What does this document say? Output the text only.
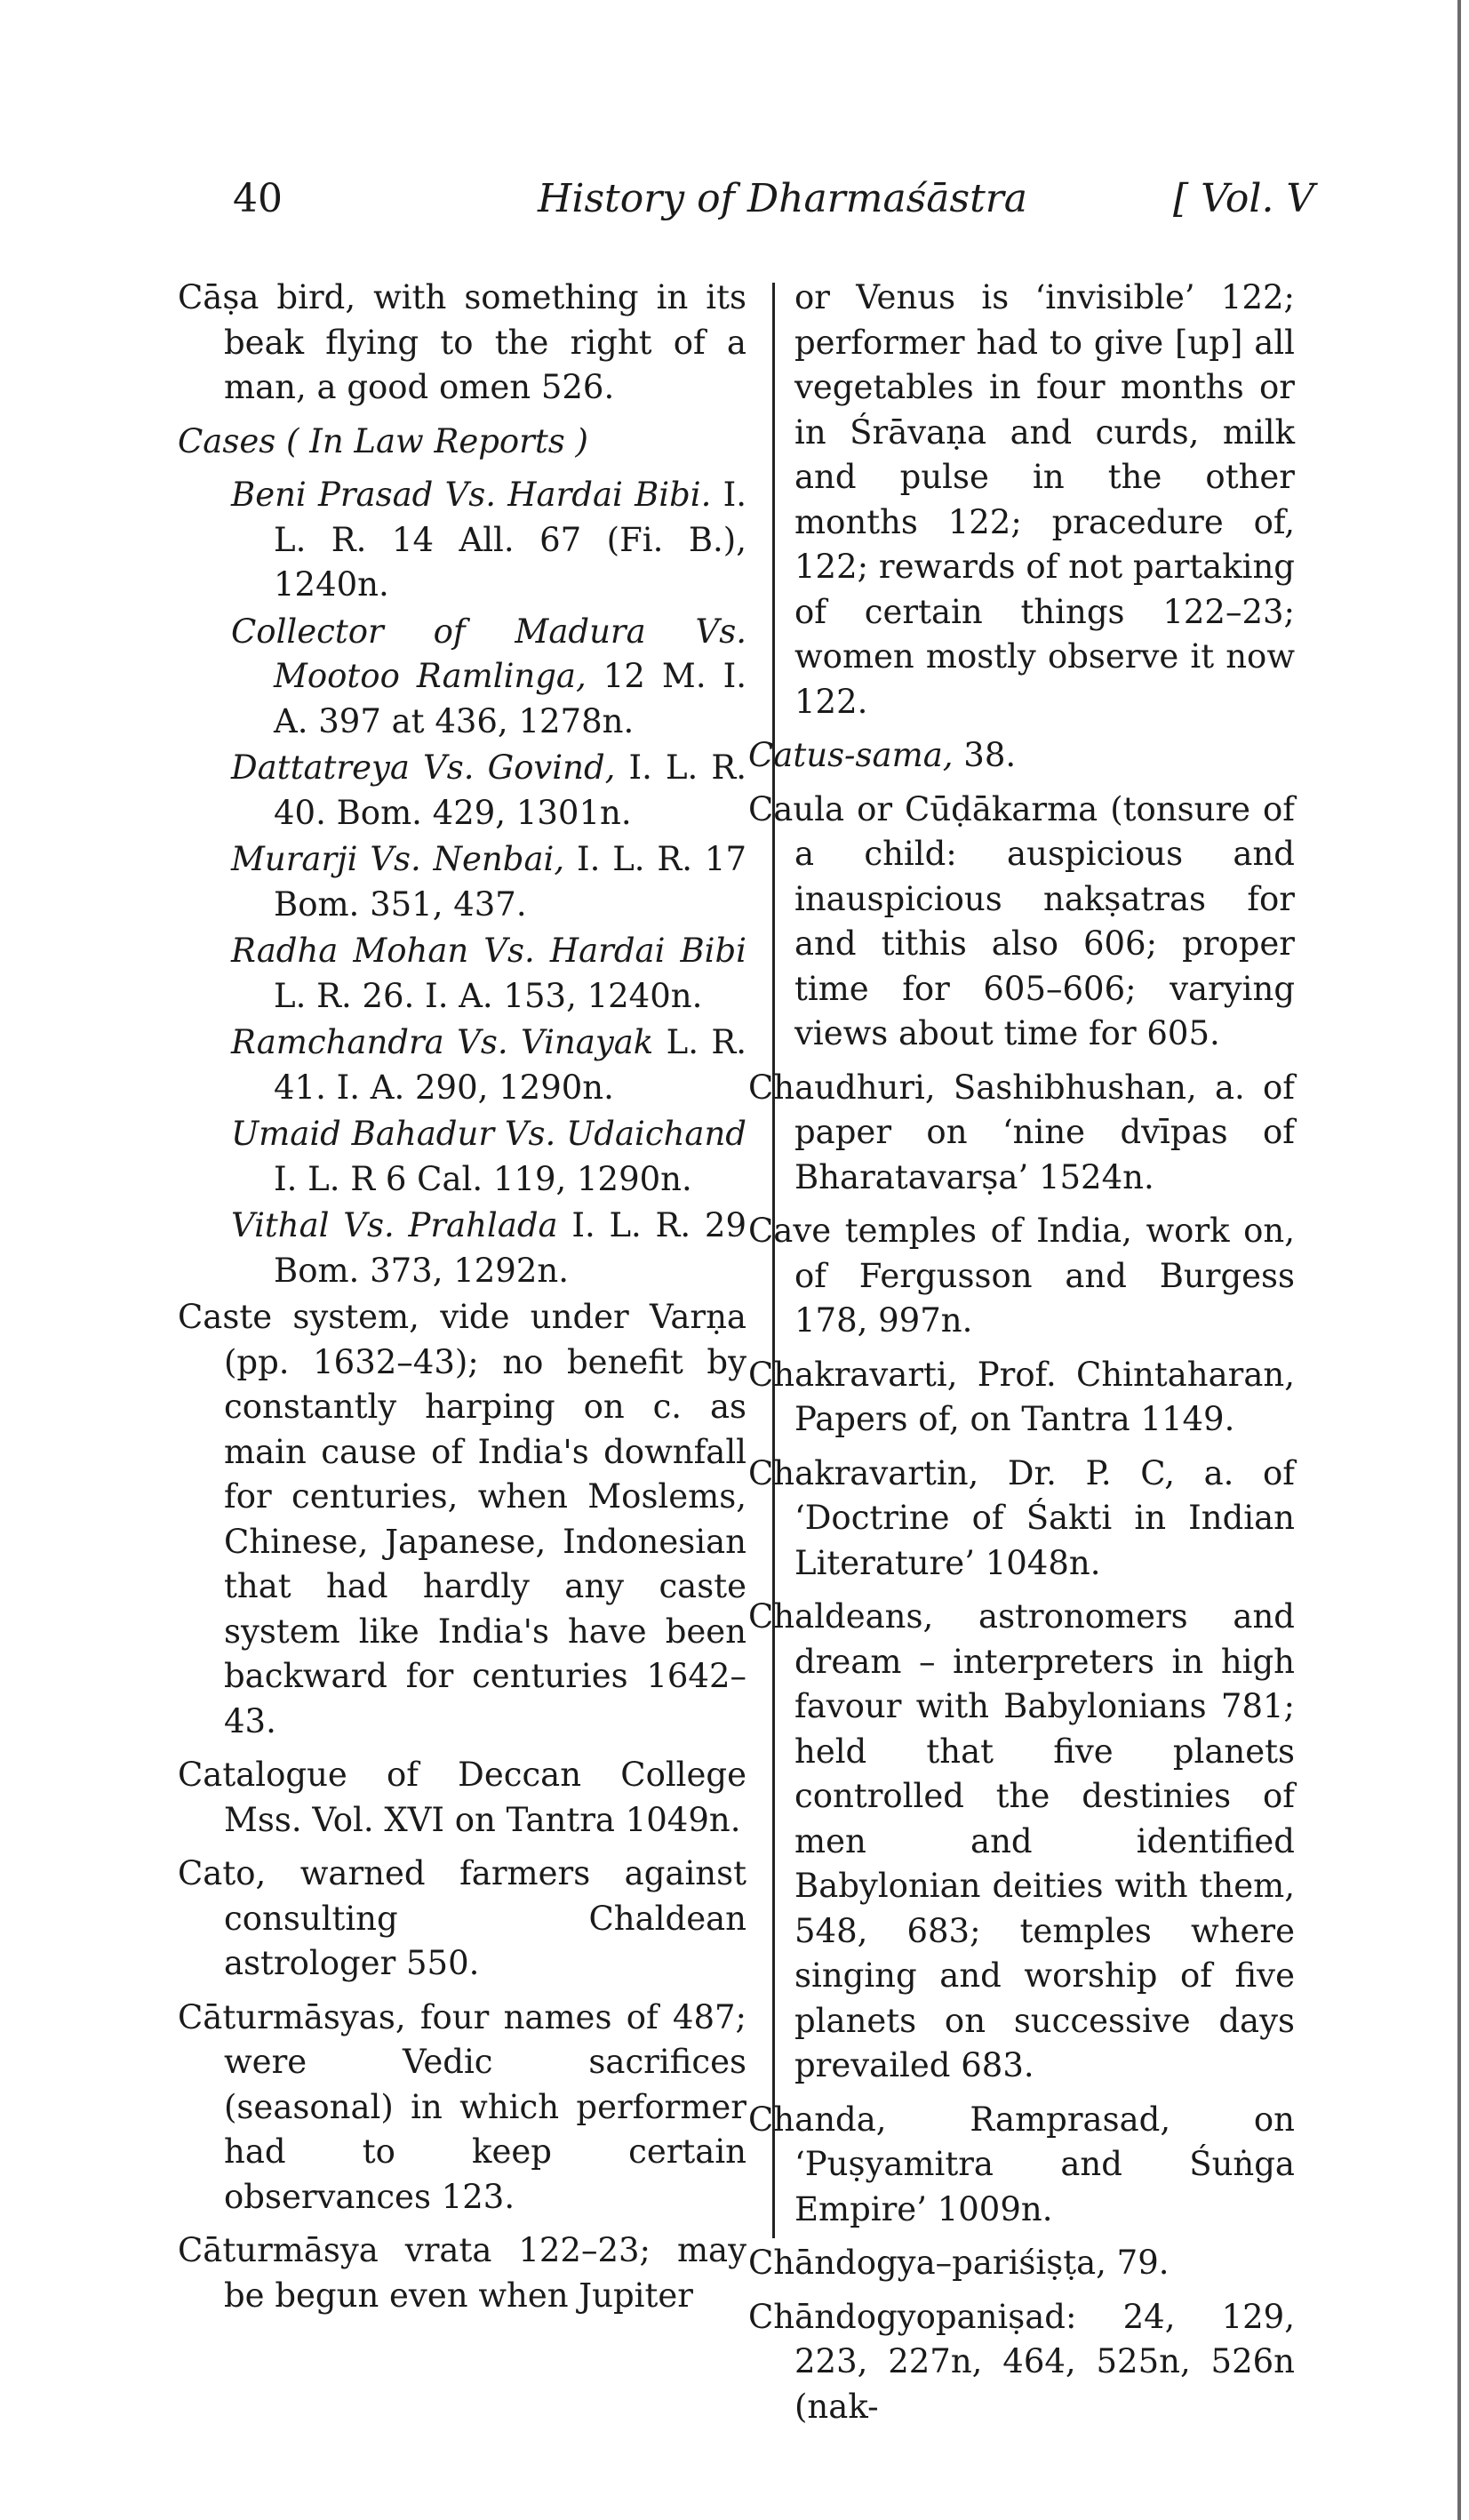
40	History of Dharmaśāstra	[ Vol. V
Cāṣa bird, with something in its beak flying to the right of a man, a good omen 526.
Cases ( In Law Reports )
Beni Prasad Vs. Hardai Bibi. I. L. R. 14 All. 67 (Fi. B.), 1240n.
Collector of Madura Vs. Mootoo Ramlinga, 12 M. I. A. 397 at 436, 1278n.
Dattatreya Vs. Govind, I. L. R. 40. Bom. 429, 1301n.
Murarji Vs. Nenbai, I. L. R. 17 Bom. 351, 437.
Radha Mohan Vs. Hardai Bibi L. R. 26. I. A. 153, 1240n.
Ramchandra Vs. Vinayak L. R. 41. I. A. 290, 1290n.
Umaid Bahadur Vs. Udaichand I. L. R 6 Cal. 119, 1290n.
Vithal Vs. Prahlada I. L. R. 29 Bom. 373, 1292n.
Caste system, vide under Varṇa (pp. 1632–43); no benefit by constantly harping on c. as main cause of India's downfall for centuries, when Moslems, Chinese, Japanese, Indonesian that had hardly any caste system like India's have been backward for centuries 1642–43.
Catalogue of Deccan College Mss. Vol. XVI on Tantra 1049n.
Cato, warned farmers against consulting Chaldean astrologer 550.
Cāturmāsyas, four names of 487; were Vedic sacrifices (seasonal) in which performer had to keep certain observances 123.
Cāturmāsya vrata 122–23; may be begun even when Jupiter
or Venus is ‘invisible’ 122; performer had to give [up] all vegetables in four months or in Śrāvaṇa and curds, milk and pulse in the other months 122; pracedure of, 122; rewards of not partaking of certain things 122–23; women mostly observe it now 122.
Catus-sama, 38.
Caula or Cūḍākarma (tonsure of a child: auspicious and inauspicious nakṣatras for and tithis also 606; proper time for 605–606; varying views about time for 605.
Chaudhuri, Sashibhushan, a. of paper on ‘nine dvīpas of Bharatavarṣa’ 1524n.
Cave temples of India, work on, of Fergusson and Burgess 178, 997n.
Chakravarti, Prof. Chintaharan, Papers of, on Tantra 1149.
Chakravartin, Dr. P. C, a. of ‘Doctrine of Śakti in Indian Literature’ 1048n.
Chaldeans, astronomers and dream – interpreters in high favour with Babylonians 781; held that five planets controlled the destinies of men and identified Babylonian deities with them, 548, 683; temples where singing and worship of five planets on successive days prevailed 683.
Chanda, Ramprasad, on ‘Puṣyamitra and Śuṅga Empire’ 1009n.
Chāndogya–pariśiṣṭa, 79.
Chāndogyopaniṣad: 24, 129, 223, 227n, 464, 525n, 526n (nak-
